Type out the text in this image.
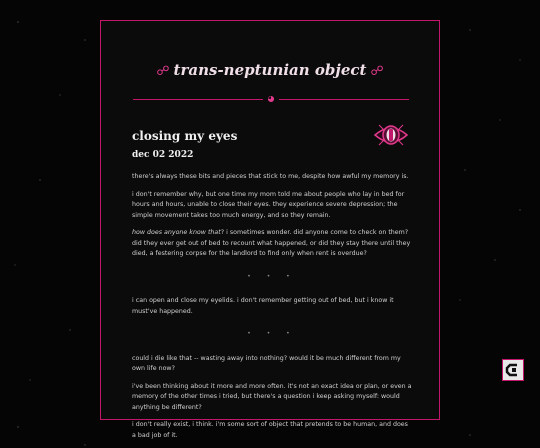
☍ trans-neptunian object ☍
◕
closing my eyes
dec 02 2022

there's always these bits and pieces that stick to me, despite how awful my memory is.

i don't remember why, but one time my mom told me about people who lay in bed for hours and hours, unable to close their eyes. they experience severe depression; the simple movement takes too much energy, and so they remain.

how does anyone know that? i sometimes wonder. did anyone come to check on them? did they ever get out of bed to recount what happened, or did they stay there until they died, a festering corpse for the landlord to find only when rent is overdue?

• • •

i can open and close my eyelids. i don't remember getting out of bed, but i know it must've happened.

• • •

could i die like that -- wasting away into nothing? would it be much different from my own life now?

i've been thinking about it more and more often. it's not an exact idea or plan, or even a memory of the other times i tried, but there's a question i keep asking myself: would anything be different?

i don't really exist, i think. i'm some sort of object that pretends to be human, and does a bad job of it.
